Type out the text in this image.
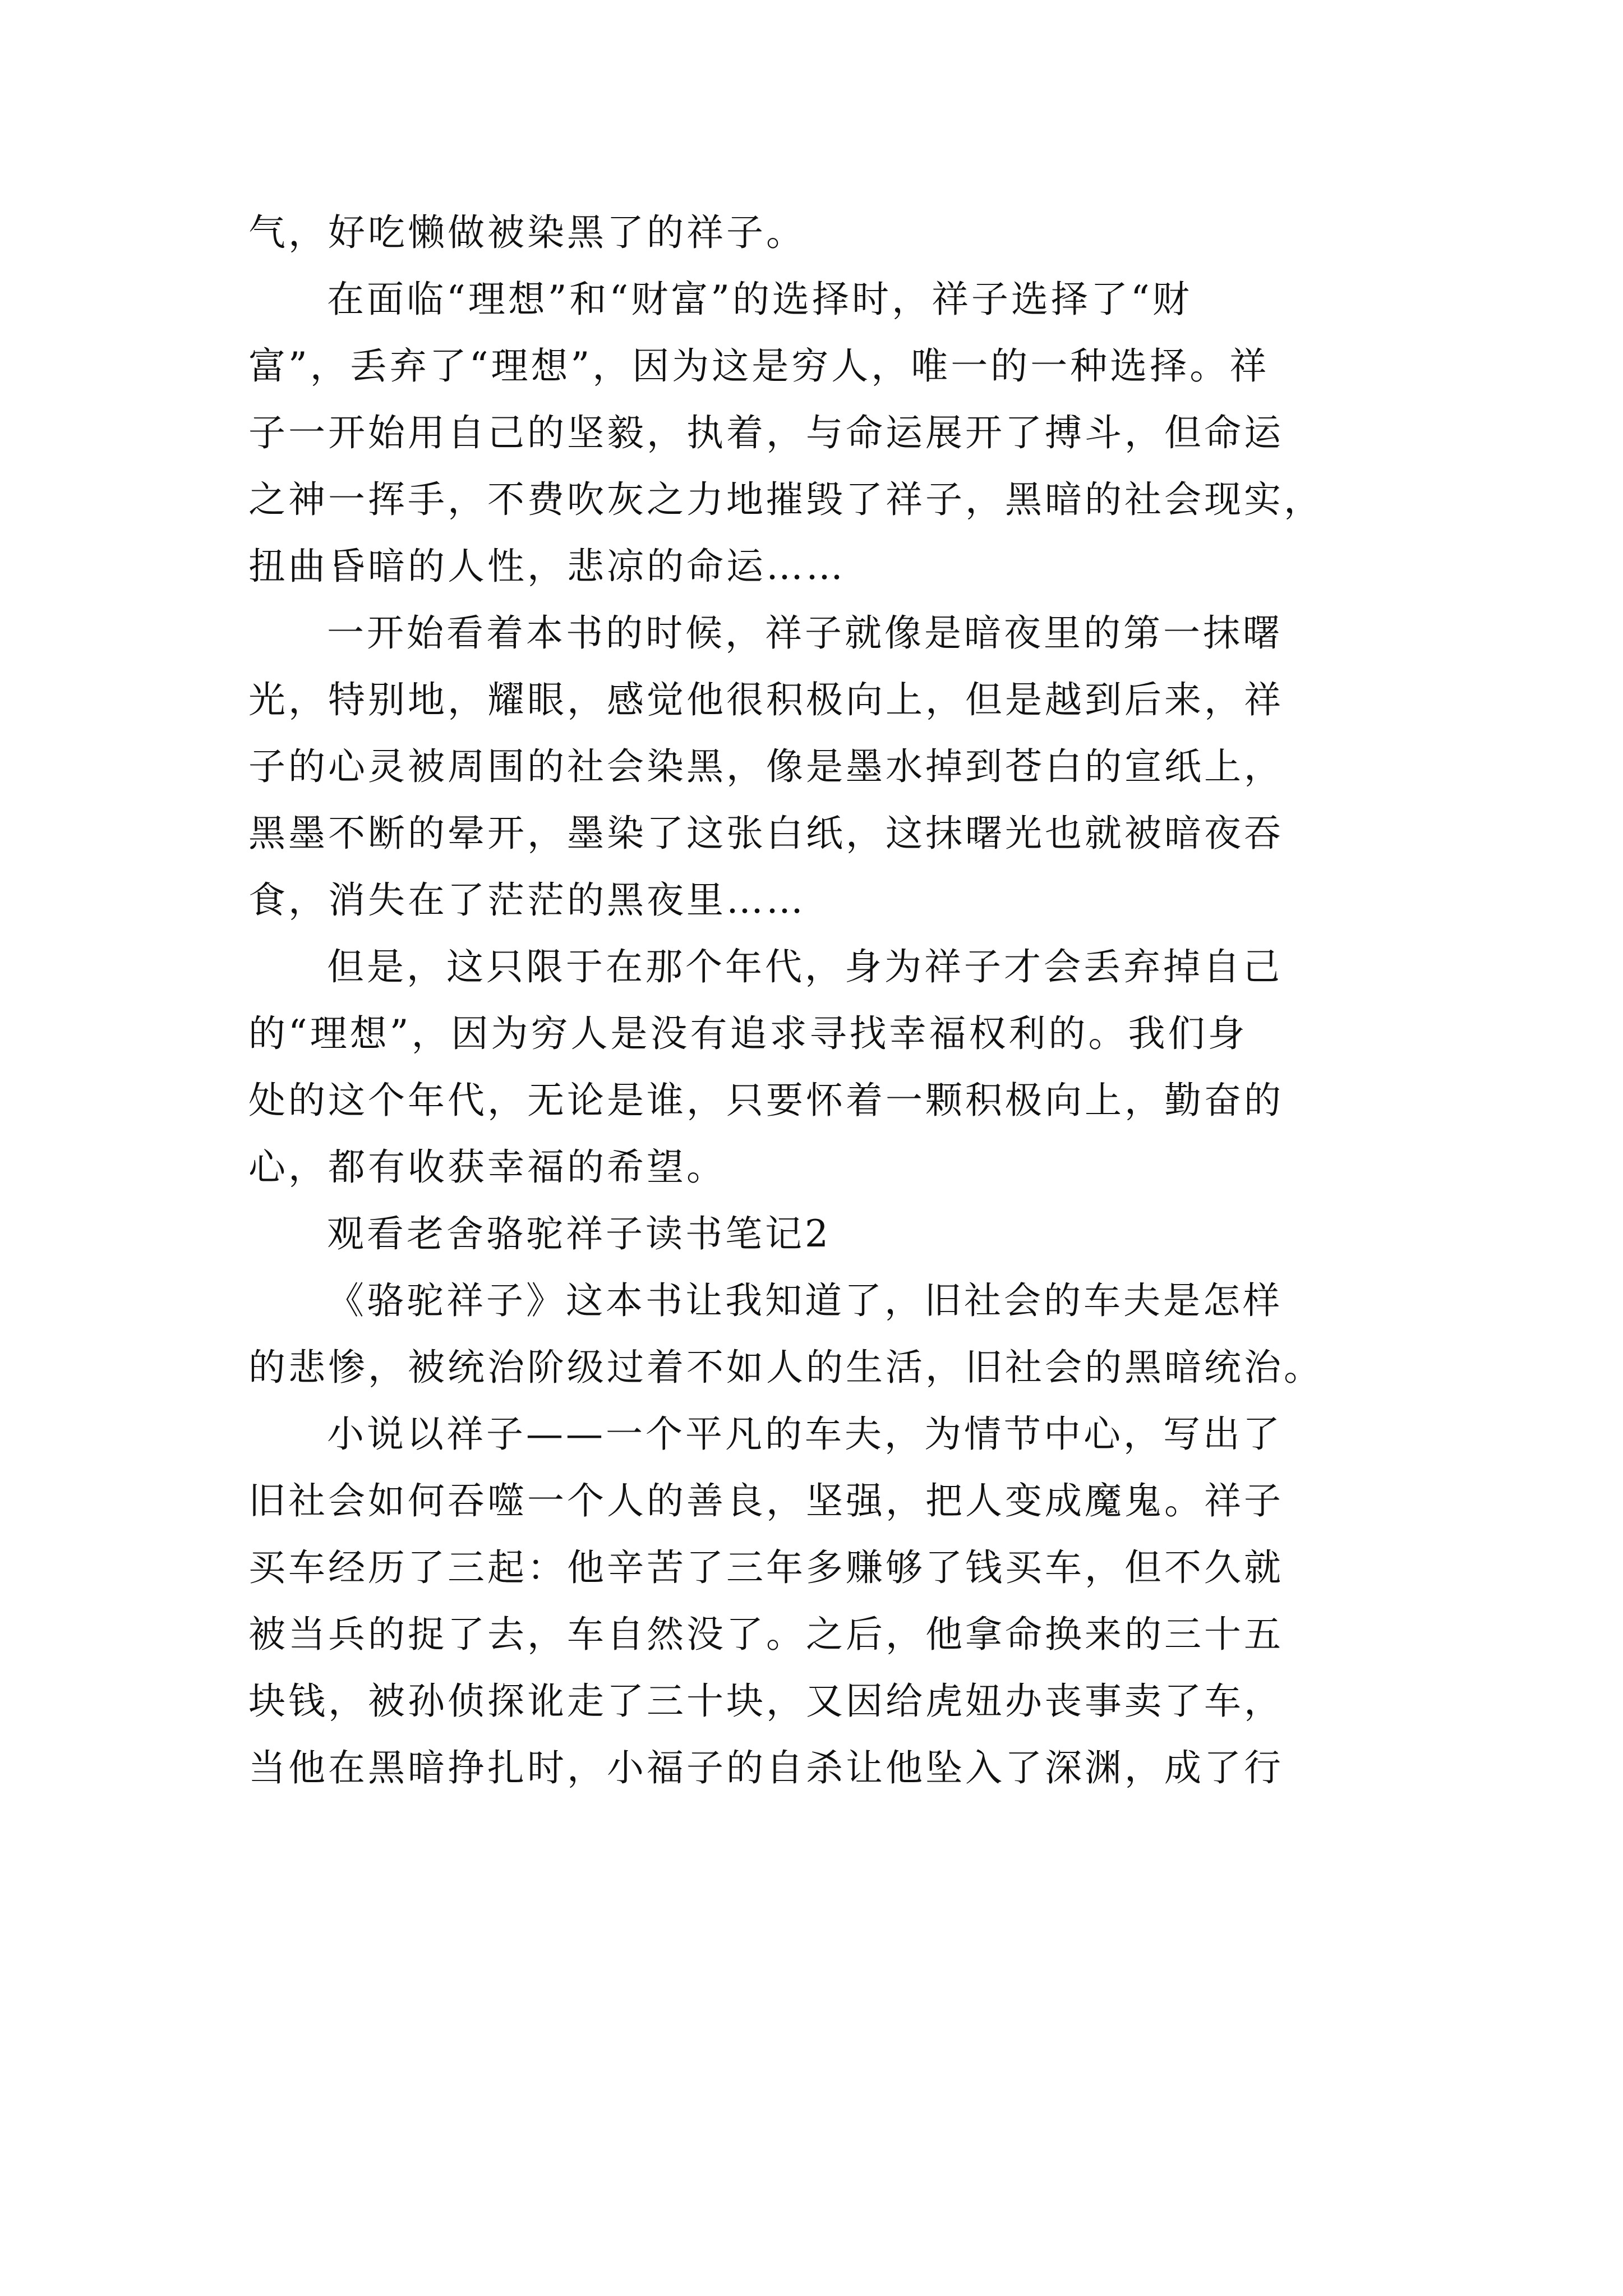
气，好吃懒做被染黑了的祥子。

在面临“理想”和“财富”的选择时，祥子选择了“财
富”，丢弃了“理想”，因为这是穷人，唯一的一种选择。祥
子一开始用自己的坚毅，执着，与命运展开了搏斗，但命运
之神一挥手，不费吹灰之力地摧毁了祥子，黑暗的社会现实，
扭曲昏暗的人性，悲凉的命运……

一开始看着本书的时候，祥子就像是暗夜里的第一抹曙
光，特别地，耀眼，感觉他很积极向上，但是越到后来，祥
子的心灵被周围的社会染黑，像是墨水掉到苍白的宣纸上，
黑墨不断的晕开，墨染了这张白纸，这抹曙光也就被暗夜吞
食，消失在了茫茫的黑夜里……

但是，这只限于在那个年代，身为祥子才会丢弃掉自己
的“理想”，因为穷人是没有追求寻找幸福权利的。我们身
处的这个年代，无论是谁，只要怀着一颗积极向上，勤奋的
心，都有收获幸福的希望。

观看老舍骆驼祥子读书笔记2

《骆驼祥子》这本书让我知道了，旧社会的车夫是怎样
的悲惨，被统治阶级过着不如人的生活，旧社会的黑暗统治。

小说以祥子——一个平凡的车夫，为情节中心，写出了
旧社会如何吞噬一个人的善良，坚强，把人变成魔鬼。祥子
买车经历了三起：他辛苦了三年多赚够了钱买车，但不久就
被当兵的捉了去，车自然没了。之后，他拿命换来的三十五
块钱，被孙侦探讹走了三十块，又因给虎妞办丧事卖了车，
当他在黑暗挣扎时，小福子的自杀让他坠入了深渊，成了行
